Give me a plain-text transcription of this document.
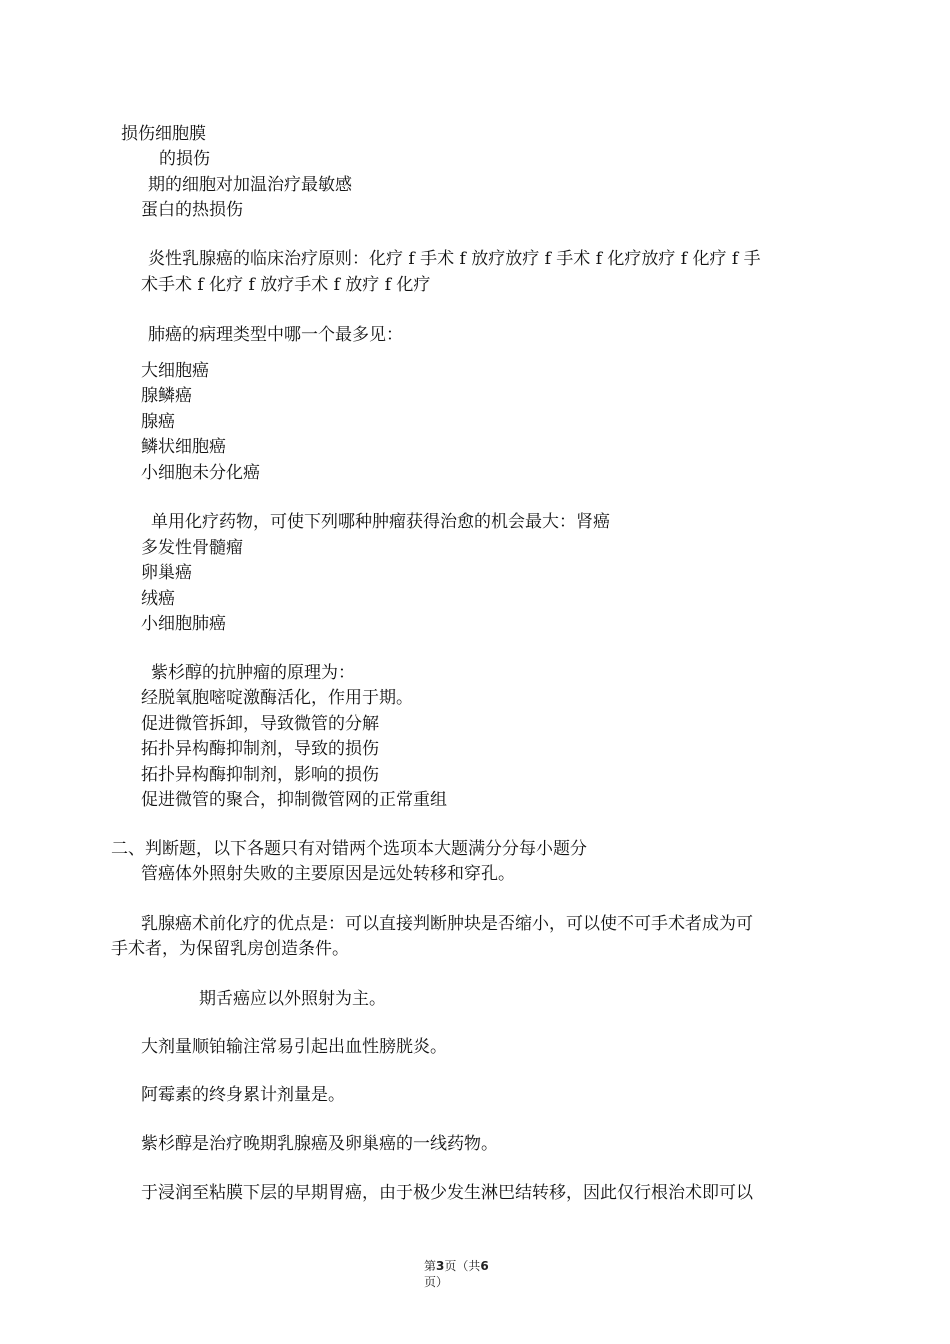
损伤细胞膜
的损伤
期的细胞对加温治疗最敏感
蛋白的热损伤
炎性乳腺癌的临床治疗原则：化疗 f 手术 f 放疗放疗 f 手术 f 化疗放疗 f 化疗 f 手
术手术 f 化疗 f 放疗手术 f 放疗 f 化疗
肺癌的病理类型中哪一个最多见：
大细胞癌
腺鳞癌
腺癌
鳞状细胞癌
小细胞未分化癌
单用化疗药物，可使下列哪种肿瘤获得治愈的机会最大：肾癌
多发性骨髓瘤
卵巢癌
绒癌
小细胞肺癌
紫杉醇的抗肿瘤的原理为：
经脱氧胞嘧啶激酶活化，作用于期。
促进微管拆卸，导致微管的分解
拓扑异构酶抑制剂，导致的损伤
拓扑异构酶抑制剂，影响的损伤
促进微管的聚合，抑制微管网的正常重组
二、判断题，以下各题只有对错两个选项本大题满分分每小题分
管癌体外照射失败的主要原因是远处转移和穿孔。
乳腺癌术前化疗的优点是：可以直接判断肿块是否缩小，可以使不可手术者成为可
手术者，为保留乳房创造条件。
期舌癌应以外照射为主。
大剂量顺铂输注常易引起出血性膀胱炎。
阿霉素的终身累计剂量是。
紫杉醇是治疗晚期乳腺癌及卵巢癌的一线药物。
于浸润至粘膜下层的早期胃癌，由于极少发生淋巴结转移，因此仅行根治术即可以
第3页（共6
页）
